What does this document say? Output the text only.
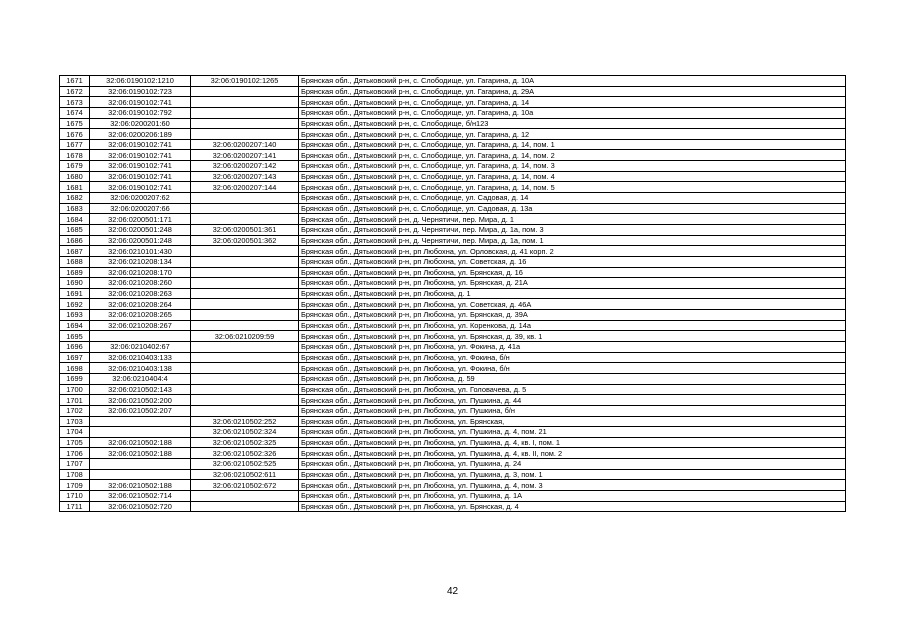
1671	32:06:0190102:1210	32:06:0190102:1265	Брянская обл., Дятьковский р-н, с. Слободище, ул. Гагарина, д. 10А
1672	32:06:0190102:723		Брянская обл., Дятьковский р-н, с. Слободище, ул. Гагарина, д. 29А
1673	32:06:0190102:741		Брянская обл., Дятьковский р-н, с. Слободище, ул. Гагарина, д. 14
1674	32:06:0190102:792		Брянская обл., Дятьковский р-н, с. Слободище, ул. Гагарина, д. 10а
1675	32:06:0200201:60		Брянская обл., Дятьковский р-н, с. Слободище, б/н123
1676	32:06:0200206:189		Брянская обл., Дятьковский р-н, с. Слободище, ул. Гагарина, д. 12
1677	32:06:0190102:741	32:06:0200207:140	Брянская обл., Дятьковский р-н, с. Слободище, ул. Гагарина, д. 14, пом. 1
1678	32:06:0190102:741	32:06:0200207:141	Брянская обл., Дятьковский р-н, с. Слободище, ул. Гагарина, д. 14, пом. 2
1679	32:06:0190102:741	32:06:0200207:142	Брянская обл., Дятьковский р-н, с. Слободище, ул. Гагарина, д. 14, пом. 3
1680	32:06:0190102:741	32:06:0200207:143	Брянская обл., Дятьковский р-н, с. Слободище, ул. Гагарина, д. 14, пом. 4
1681	32:06:0190102:741	32:06:0200207:144	Брянская обл., Дятьковский р-н, с. Слободище, ул. Гагарина, д. 14, пом. 5
1682	32:06:0200207:62		Брянская обл., Дятьковский р-н, с. Слободище, ул. Садовая, д. 14
1683	32:06:0200207:66		Брянская обл., Дятьковский р-н, с. Слободище, ул. Садовая, д. 13а
1684	32:06:0200501:171		Брянская обл., Дятьковский р-н, д. Чернятичи, пер. Мира, д. 1
1685	32:06:0200501:248	32:06:0200501:361	Брянская обл., Дятьковский р-н, д. Чернятичи, пер. Мира, д. 1а, пом. 3
1686	32:06:0200501:248	32:06:0200501:362	Брянская обл., Дятьковский р-н, д. Чернятичи, пер. Мира, д. 1а, пом. 1
1687	32:06:0210101:430		Брянская обл., Дятьковский р-н, рп Любохна, ул. Орловская, д. 41 корп. 2
1688	32:06:0210208:134		Брянская обл., Дятьковский р-н, рп Любохна, ул. Советская, д. 16
1689	32:06:0210208:170		Брянская обл., Дятьковский р-н, рп Любохна, ул. Брянская, д. 16
1690	32:06:0210208:260		Брянская обл., Дятьковский р-н, рп Любохна, ул. Брянская, д. 21А
1691	32:06:0210208:263		Брянская обл., Дятьковский р-н, рп Любохна, д. 1
1692	32:06:0210208:264		Брянская обл., Дятьковский р-н, рп Любохна, ул. Советская, д. 46А
1693	32:06:0210208:265		Брянская обл., Дятьковский р-н, рп Любохна, ул. Брянская, д. 39А
1694	32:06:0210208:267		Брянская обл., Дятьковский р-н, рп Любохна, ул. Коренкова, д. 14а
1695		32:06:0210209:59	Брянская обл., Дятьковский р-н, рп Любохна, ул. Брянская, д. 39, кв. 1
1696	32:06:0210402:67		Брянская обл., Дятьковский р-н, рп Любохна, ул. Фокина, д. 41а
1697	32:06:0210403:133		Брянская обл., Дятьковский р-н, рп Любохна, ул. Фокина, б/н
1698	32:06:0210403:138		Брянская обл., Дятьковский р-н, рп Любохна, ул. Фокина, б/н
1699	32:06:0210404:4		Брянская обл., Дятьковский р-н, рп Любохна, д. 59
1700	32:06:0210502:143		Брянская обл., Дятьковский р-н, рп Любохна, ул. Головачева, д. 5
1701	32:06:0210502:200		Брянская обл., Дятьковский р-н, рп Любохна, ул. Пушкина, д. 44
1702	32:06:0210502:207		Брянская обл., Дятьковский р-н, рп Любохна, ул. Пушкина, б/н
1703		32:06:0210502:252	Брянская обл., Дятьковский р-н, рп Любохна, ул. Брянская,
1704		32:06:0210502:324	Брянская обл., Дятьковский р-н, рп Любохна, ул. Пушкина, д. 4, пом. 21
1705	32:06:0210502:188	32:06:0210502:325	Брянская обл., Дятьковский р-н, рп Любохна, ул. Пушкина, д. 4, кв. I, пом. 1
1706	32:06:0210502:188	32:06:0210502:326	Брянская обл., Дятьковский р-н, рп Любохна, ул. Пушкина, д. 4, кв. II, пом. 2
1707		32:06:0210502:525	Брянская обл., Дятьковский р-н, рп Любохна, ул. Пушкина, д. 24
1708		32:06:0210502:611	Брянская обл., Дятьковский р-н, рп Любохна, ул. Пушкина, д. 3, пом. 1
1709	32:06:0210502:188	32:06:0210502:672	Брянская обл., Дятьковский р-н, рп Любохна, ул. Пушкина, д. 4, пом. 3
1710	32:06:0210502:714		Брянская обл., Дятьковский р-н, рп Любохна, ул. Пушкина, д. 1А
1711	32:06:0210502:720		Брянская обл., Дятьковский р-н, рп Любохна, ул. Брянская, д. 4
42
